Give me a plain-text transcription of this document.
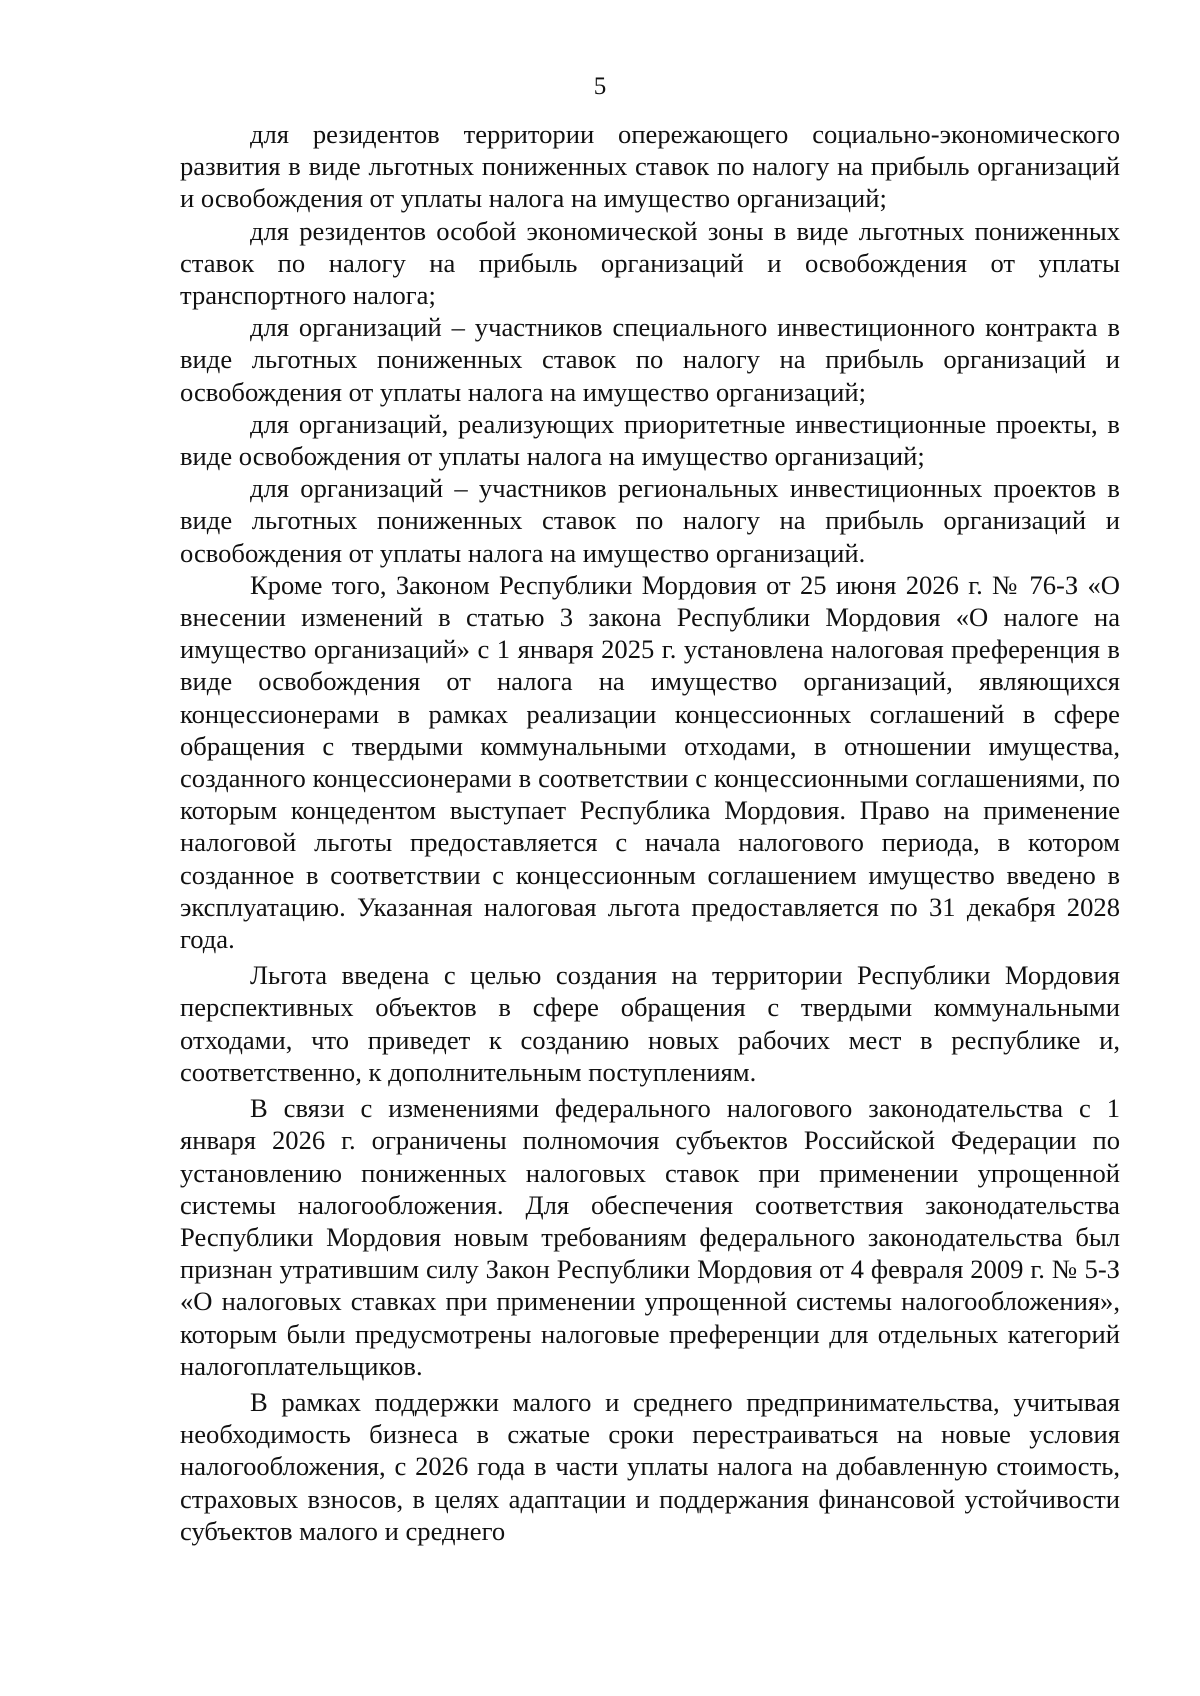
5

для резидентов территории опережающего социально-экономического развития в виде льготных пониженных ставок по налогу на прибыль организаций и освобождения от уплаты налога на имущество организаций;

для резидентов особой экономической зоны в виде льготных пониженных ставок по налогу на прибыль организаций и освобождения от уплаты транспортного налога;

для организаций – участников специального инвестиционного контракта в виде льготных пониженных ставок по налогу на прибыль организаций и освобождения от уплаты налога на имущество организаций;

для организаций, реализующих приоритетные инвестиционные проекты, в виде освобождения от уплаты налога на имущество организаций;

для организаций – участников региональных инвестиционных проектов в виде льготных пониженных ставок по налогу на прибыль организаций и освобождения от уплаты налога на имущество организаций.

Кроме того, Законом Республики Мордовия от 25 июня 2026 г. № 76-З «О внесении изменений в статью 3 закона Республики Мордовия «О налоге на имущество организаций» с 1 января 2025 г. установлена налоговая преференция в виде освобождения от налога на имущество организаций, являющихся концессионерами в рамках реализации концессионных соглашений в сфере обращения с твердыми коммунальными отходами, в отношении имущества, созданного концессионерами в соответствии с концессионными соглашениями, по которым концедентом выступает Республика Мордовия. Право на применение налоговой льготы предоставляется с начала налогового периода, в котором созданное в соответствии с концессионным соглашением имущество введено в эксплуатацию. Указанная налоговая льгота предоставляется по 31 декабря 2028 года.

Льгота введена с целью создания на территории Республики Мордовия перспективных объектов в сфере обращения с твердыми коммунальными отходами, что приведет к созданию новых рабочих мест в республике и, соответственно, к дополнительным поступлениям.

В связи с изменениями федерального налогового законодательства с 1 января 2026 г. ограничены полномочия субъектов Российской Федерации по установлению пониженных налоговых ставок при применении упрощенной системы налогообложения. Для обеспечения соответствия законодательства Республики Мордовия новым требованиям федерального законодательства был признан утратившим силу Закон Республики Мордовия от 4 февраля 2009 г. № 5-З «О налоговых ставках при применении упрощенной системы налогообложения», которым были предусмотрены налоговые преференции для отдельных категорий налогоплательщиков.

В рамках поддержки малого и среднего предпринимательства, учитывая необходимость бизнеса в сжатые сроки перестраиваться на новые условия налогообложения, с 2026 года в части уплаты налога на добавленную стоимость, страховых взносов, в целях адаптации и поддержания финансовой устойчивости субъектов малого и среднего
